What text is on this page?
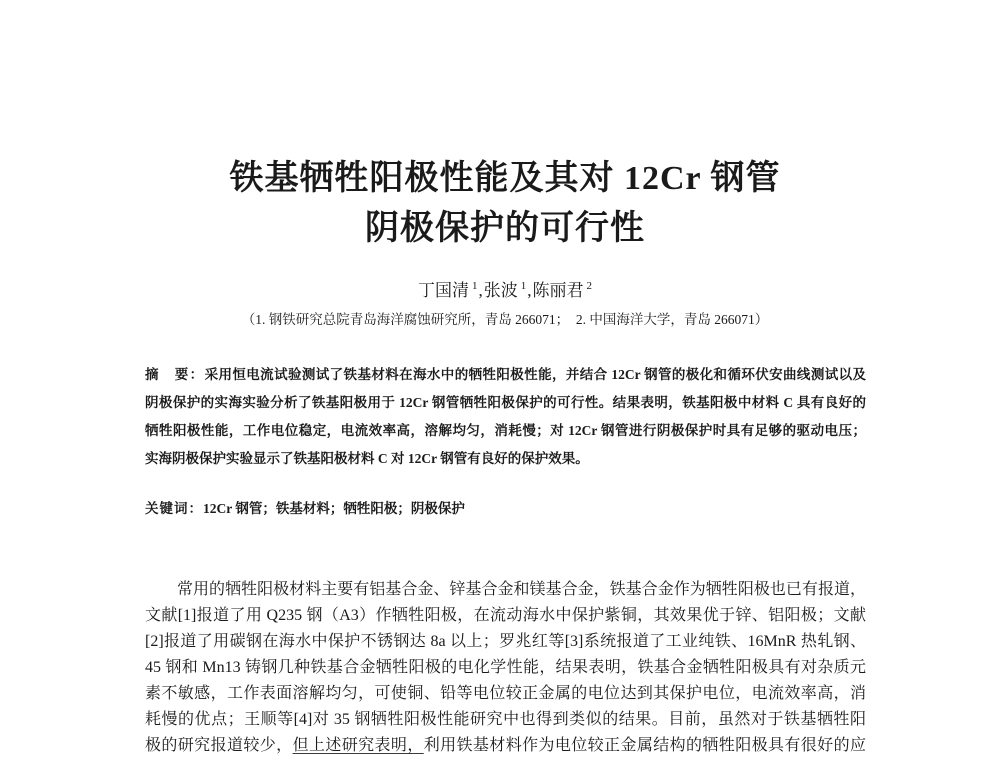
铁基牺牲阳极性能及其对 12Cr 钢管
阴极保护的可行性
丁国清 $^1$,张波 $^1$,陈丽君 $^2$
（1. 钢铁研究总院青岛海洋腐蚀研究所，青岛 266071；　2. 中国海洋大学，青岛 266071）
摘　要：采用恒电流试验测试了铁基材料在海水中的牺牲阳极性能，并结合 12Cr 钢管的极化和循环伏安曲线测试以及
阴极保护的实海实验分析了铁基阳极用于 12Cr 钢管牺牲阳极保护的可行性。结果表明，铁基阳极中材料 C 具有良好的
牺牲阳极性能，工作电位稳定，电流效率高，溶解均匀，消耗慢；对 12Cr 钢管进行阴极保护时具有足够的驱动电压；
实海阴极保护实验显示了铁基阳极材料 C 对 12Cr 钢管有良好的保护效果。
关键词：12Cr 钢管；铁基材料；牺牲阳极；阴极保护
常用的牺牲阳极材料主要有铝基合金、锌基合金和镁基合金，铁基合金作为牺牲阳极也已有报道，
文献[1]报道了用 Q235 钢（A3）作牺牲阳极，在流动海水中保护紫铜，其效果优于锌、铝阳极；文献
[2]报道了用碳钢在海水中保护不锈钢达 8a 以上；罗兆红等[3]系统报道了工业纯铁、16MnR 热轧钢、
45 钢和 Mn13 铸钢几种铁基合金牺牲阳极的电化学性能，结果表明，铁基合金牺牲阳极具有对杂质元
素不敏感，工作表面溶解均匀，可使铜、铅等电位较正金属的电位达到其保护电位，电流效率高，消
耗慢的优点；王顺等[4]对 35 钢牺牲阳极性能研究中也得到类似的结果。目前，虽然对于铁基牺牲阳
极的研究报道较少，但上述研究表明，利用铁基材料作为电位较正金属结构的牺牲阳极具有很好的应
